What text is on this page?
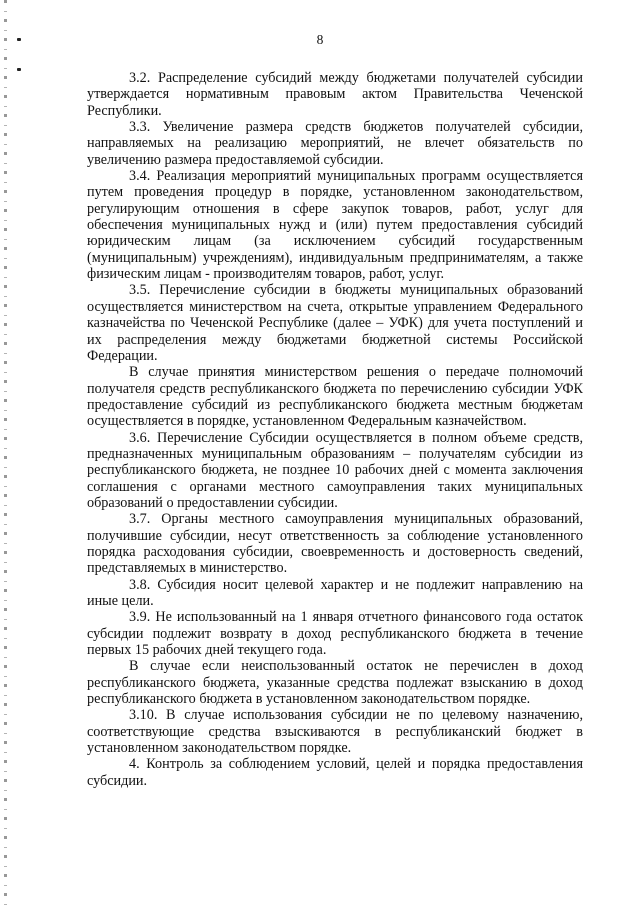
8

3.2. Распределение субсидий между бюджетами получателей субсидии утверждается нормативным правовым актом Правительства Чеченской Республики.

3.3. Увеличение размера средств бюджетов получателей субсидии, направляемых на реализацию мероприятий, не влечет обязательств по увеличению размера предоставляемой субсидии.

3.4. Реализация мероприятий муниципальных программ осуществляется путем проведения процедур в порядке, установленном законодательством, регулирующим отношения в сфере закупок товаров, работ, услуг для обеспечения муниципальных нужд и (или) путем предоставления субсидий юридическим лицам (за исключением субсидий государственным (муниципальным) учреждениям), индивидуальным предпринимателям, а также физическим лицам - производителям товаров, работ, услуг.

3.5. Перечисление субсидии в бюджеты муниципальных образований осуществляется министерством на счета, открытые управлением Федерального казначейства по Чеченской Республике (далее – УФК) для учета поступлений и их распределения между бюджетами бюджетной системы Российской Федерации.

В случае принятия министерством решения о передаче полномочий получателя средств республиканского бюджета по перечислению субсидии УФК предоставление субсидий из республиканского бюджета местным бюджетам осуществляется в порядке, установленном Федеральным казначейством.

3.6. Перечисление Субсидии осуществляется в полном объеме средств, предназначенных муниципальным образованиям – получателям субсидии из республиканского бюджета, не позднее 10 рабочих дней с момента заключения соглашения с органами местного самоуправления таких муниципальных образований о предоставлении субсидии.

3.7. Органы местного самоуправления муниципальных образований, получившие субсидии, несут ответственность за соблюдение установленного порядка расходования субсидии, своевременность и достоверность сведений, представляемых в министерство.

3.8. Субсидия носит целевой характер и не подлежит направлению на иные цели.

3.9. Не использованный на 1 января отчетного финансового года остаток субсидии подлежит возврату в доход республиканского бюджета в течение первых 15 рабочих дней текущего года.

В случае если неиспользованный остаток не перечислен в доход республиканского бюджета, указанные средства подлежат взысканию в доход республиканского бюджета в установленном законодательством порядке.

3.10. В случае использования субсидии не по целевому назначению, соответствующие средства взыскиваются в республиканский бюджет в установленном законодательством порядке.

4. Контроль за соблюдением условий, целей и порядка предоставления субсидии.
